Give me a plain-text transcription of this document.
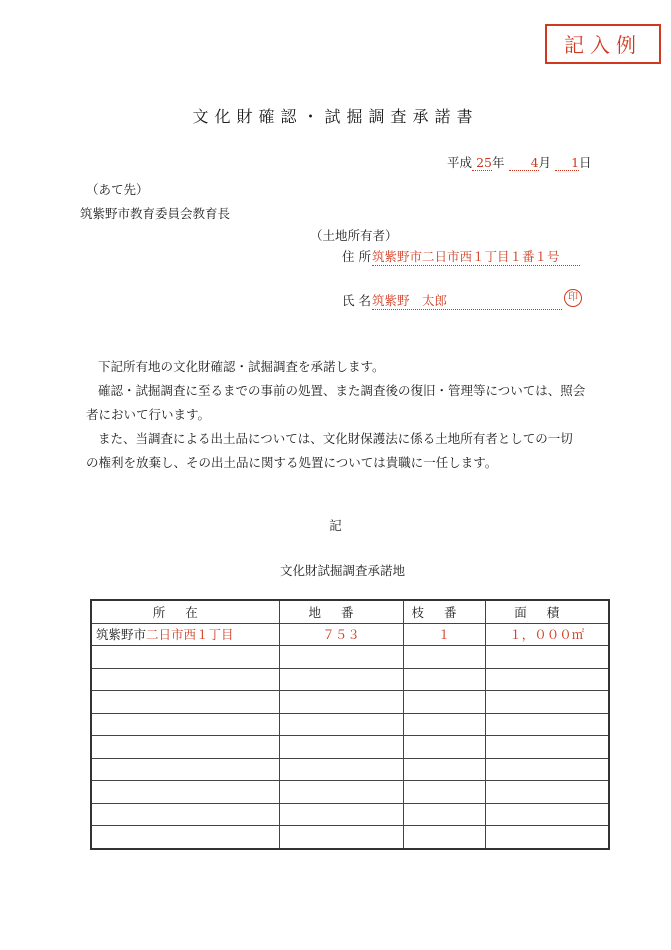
記入例
文化財確認・試掘調査承諾書
平成 25年 4月 1日
（あて先）
筑紫野市教育委員会教育長
（土地所有者）
住 所 筑紫野市二日市西１丁目１番１号
氏 名 筑紫野　太郎	印
下記所有地の文化財確認・試掘調査を承諾します。
確認・試掘調査に至るまでの事前の処置、また調査後の復旧・管理等については、照会
者において行います。
また、当調査による出土品については、文化財保護法に係る土地所有者としての一切
の権利を放棄し、その出土品に関する処置については貴職に一任します。
記
文化財試掘調査承諾地
所在	地番	枝番	面積
筑紫野市二日市西１丁目	７５３	１	１，０００㎡
